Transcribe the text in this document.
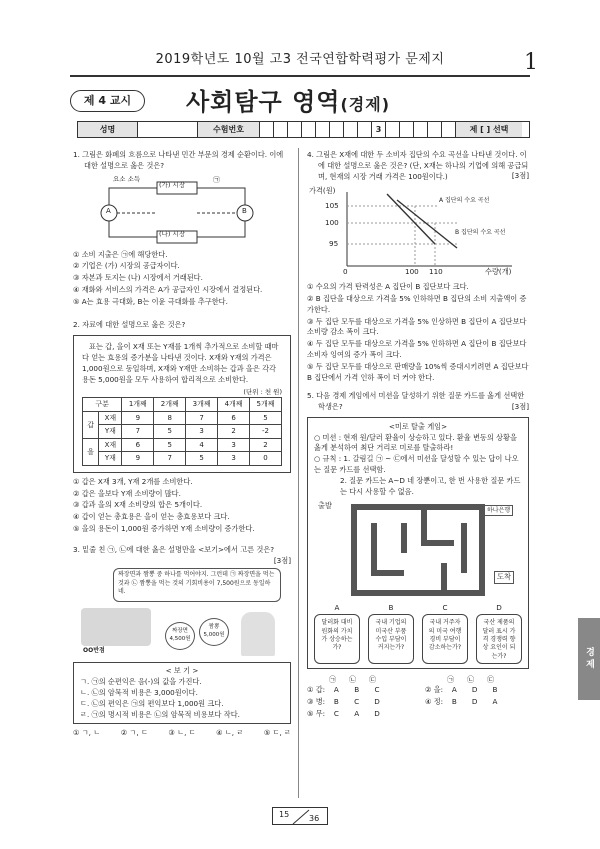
2019학년도 10월 고3 전국연합학력평가 문제지	1
제 4 교시	사회탐구 영역(경제)
성명	수험번호	3	제 [ ] 선택
1. 그림은 화폐의 흐름으로 나타낸 민간 부문의 경제 순환이다. 이에 대한 설명으로 옳은 것은?
A	B
(가) 시장
(나) 시장
요소 소득	㉠
① 소비 지출은 ㉠에 해당한다.
② 기업은 (가) 시장의 공급자이다.
③ 자본과 토지는 (나) 시장에서 거래된다.
④ 재화와 서비스의 가격은 A가 공급자인 시장에서 결정된다.
⑤ A는 효용 극대화, B는 이윤 극대화를 추구한다.
2. 자료에 대한 설명으로 옳은 것은?
표는 갑, 을이 X재 또는 Y재를 1개씩 추가적으로 소비할 때마다 얻는 효용의 증가분을 나타낸 것이다. X재와 Y재의 가격은 1,000원으로 동일하며, X재와 Y재만 소비하는 갑과 을은 각각 용돈 5,000원을 모두 사용하여 합리적으로 소비한다.
(단위 : 천 원)
구분		1개째	2개째	3개째	4개째	5개째
갑	X재	9	8	7	6	5
	Y재	7	5	3	2	-2
을	X재	6	5	4	3	2
	Y재	9	7	5	3	0
① 갑은 X재 3개, Y재 2개를 소비한다.
② 갑은 을보다 Y재 소비량이 많다.
③ 갑과 을의 X재 소비량의 합은 5개이다.
④ 갑이 얻는 총효용은 을이 얻는 총효용보다 크다.
⑤ 을의 용돈이 1,000원 증가하면 Y재 소비량이 증가한다.
3. 밑줄 친 ㉠, ㉡에 대한 옳은 설명만을 <보기>에서 고른 것은?
[3점]
짜장면과 짬뽕 중 하나를 먹어야지. 그런데 ㉠ 짜장면을 먹는 것과 ㉡ 짬뽕을 먹는 것의 기회비용이 7,500원으로 동일하네.
OO반점
짜장면 4,500원
짬뽕 5,000원
< 보 기 >
ㄱ. ㉠의 순편익은 음(-)의 값을 가진다.
ㄴ. ㉡의 암묵적 비용은 3,000원이다.
ㄷ. ㉡의 편익은 ㉠의 편익보다 1,000원 크다.
ㄹ. ㉠의 명시적 비용은 ㉡의 암묵적 비용보다 작다.
① ㄱ, ㄴ	② ㄱ, ㄷ	③ ㄴ, ㄷ	④ ㄴ, ㄹ	⑤ ㄷ, ㄹ
4. 그림은 X재에 대한 두 소비자 집단의 수요 곡선을 나타낸 것이다. 이에 대한 설명으로 옳은 것은? (단, X재는 하나의 기업에 의해 공급되며, 현재의 시장 거래 가격은 100원이다.)	[3점]
가격(원)
105
100
95
0	100 110	수량(개)
A 집단의 수요 곡선
B 집단의 수요 곡선
① 수요의 가격 탄력성은 A 집단이 B 집단보다 크다.
② B 집단을 대상으로 가격을 5% 인하하면 B 집단의 소비 지출액이 증가한다.
③ 두 집단 모두를 대상으로 가격을 5% 인상하면 B 집단이 A 집단보다 소비량 감소 폭이 크다.
④ 두 집단 모두를 대상으로 가격을 5% 인하하면 A 집단이 B 집단보다 소비자 잉여의 증가 폭이 크다.
⑤ 두 집단 모두를 대상으로 판매량을 10%씩 증대시키려면 A 집단보다 B 집단에서 가격 인하 폭이 더 커야 한다.
5. 다음 경제 게임에서 미션을 달성하기 위한 질문 카드를 옳게 선택한 학생은?	[3점]
<미로 탈출 게임>
○ 미션 : 현재 원/달러 환율이 상승하고 있다. 환율 변동의 상황을 옳게 분석하여 최단 거리로 미로를 탈출하라!
○ 규칙 : 1. 갈림길 ㉠ ~ ㉢에서 미션을 달성할 수 있는 답이 나오는 질문 카드를 선택함.
2. 질문 카드는 A~D 네 장뿐이고, 한 번 사용한 질문 카드는 다시 사용할 수 없음.
출발
하나은행
도착
A
달러화 대비 원화의 가치가 상승하는가?
B
국내 기업의 미국산 부품 수입 부담이 커지는가?
C
국내 거주자의 미국 여행 경비 부담이 감소하는가?
D
국산 제품의 달러 표시 가격 경쟁력 향상 요인이 되는가?
㉠ ㉡ ㉢	㉠ ㉡ ㉢
① 갑: A B C	② 을: A D B
③ 병: B C D	④ 정: B D A
⑤ 무: C A D
경제
15 36
